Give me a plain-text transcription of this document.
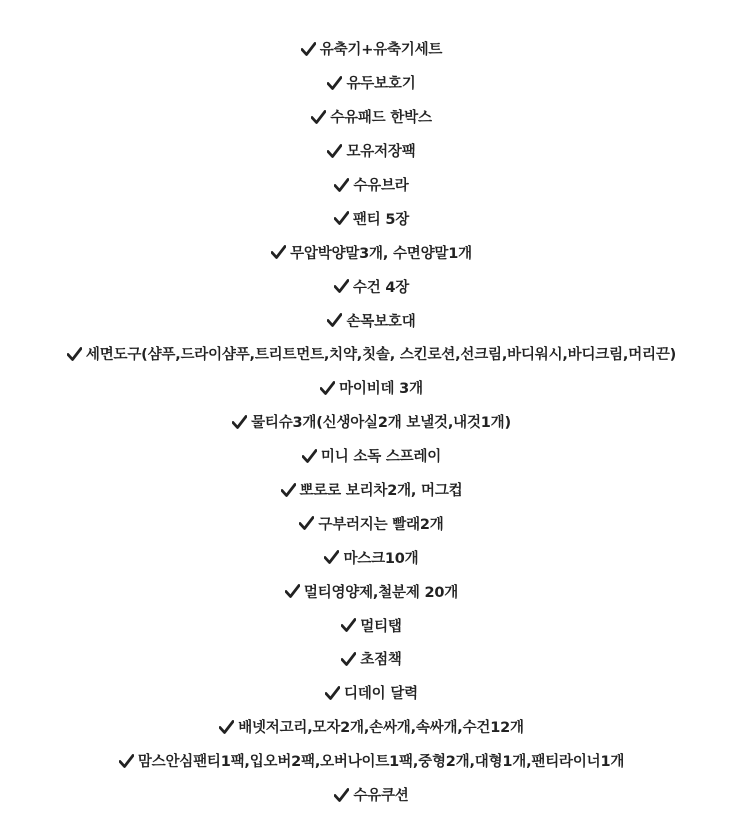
유축기+유축기세트
유두보호기
수유패드 한박스
모유저장팩
수유브라
팬티 5장
무압박양말3개, 수면양말1개
수건 4장
손목보호대
세면도구(샴푸,드라이샴푸,트리트먼트,치약,칫솔, 스킨로션,선크림,바디워시,바디크림,머리끈)
마이비데 3개
물티슈3개(신생아실2개 보낼것,내것1개)
미니 소독 스프레이
뽀로로 보리차2개, 머그컵
구부러지는 빨래2개
마스크10개
멀티영양제,철분제 20개
멀티탭
초점책
디데이 달력
배넷저고리,모자2개,손싸개,속싸개,수건12개
맘스안심팬티1팩,입오버2팩,오버나이트1팩,중형2개,대형1개,팬티라이너1개
수유쿠션
